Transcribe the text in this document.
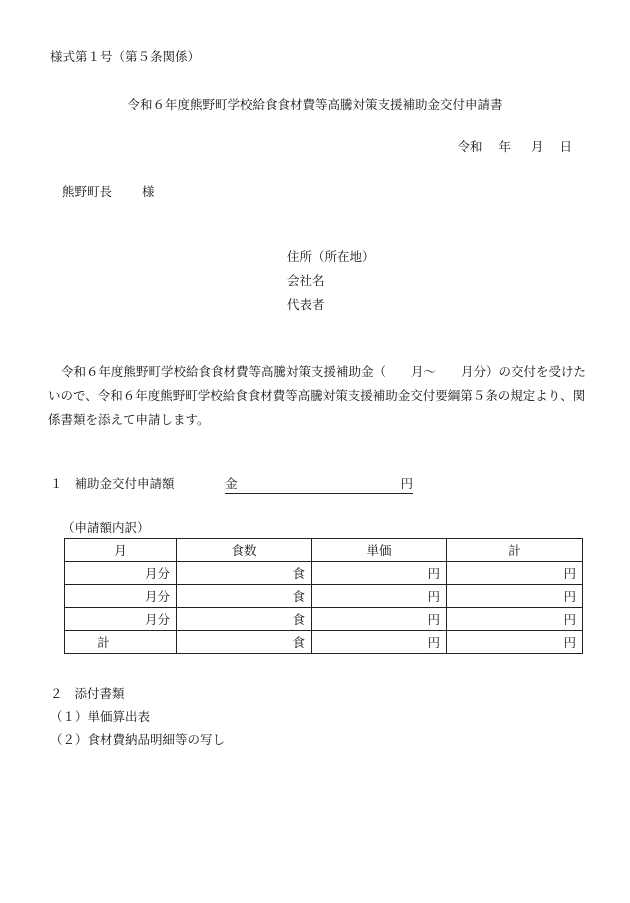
様式第１号（第５条関係）
令和６年度熊野町学校給食食材費等高騰対策支援補助金交付申請書
令和 年 月 日
熊野町長 様
住所（所在地）
会社名
代表者
令和６年度熊野町学校給食食材費等高騰対策支援補助金（　　月～　　月分）の交付を受けたいので、令和６年度熊野町学校給食食材費等高騰対策支援補助金交付要綱第５条の規定より、関係書類を添えて申請します。
１ 補助金交付申請額	金	円
（申請額内訳）
月	食数	単価	計
月分	食	円	円
月分	食	円	円
月分	食	円	円
計	食	円	円
２ 添付書類
（１）単価算出表
（２）食材費納品明細等の写し
